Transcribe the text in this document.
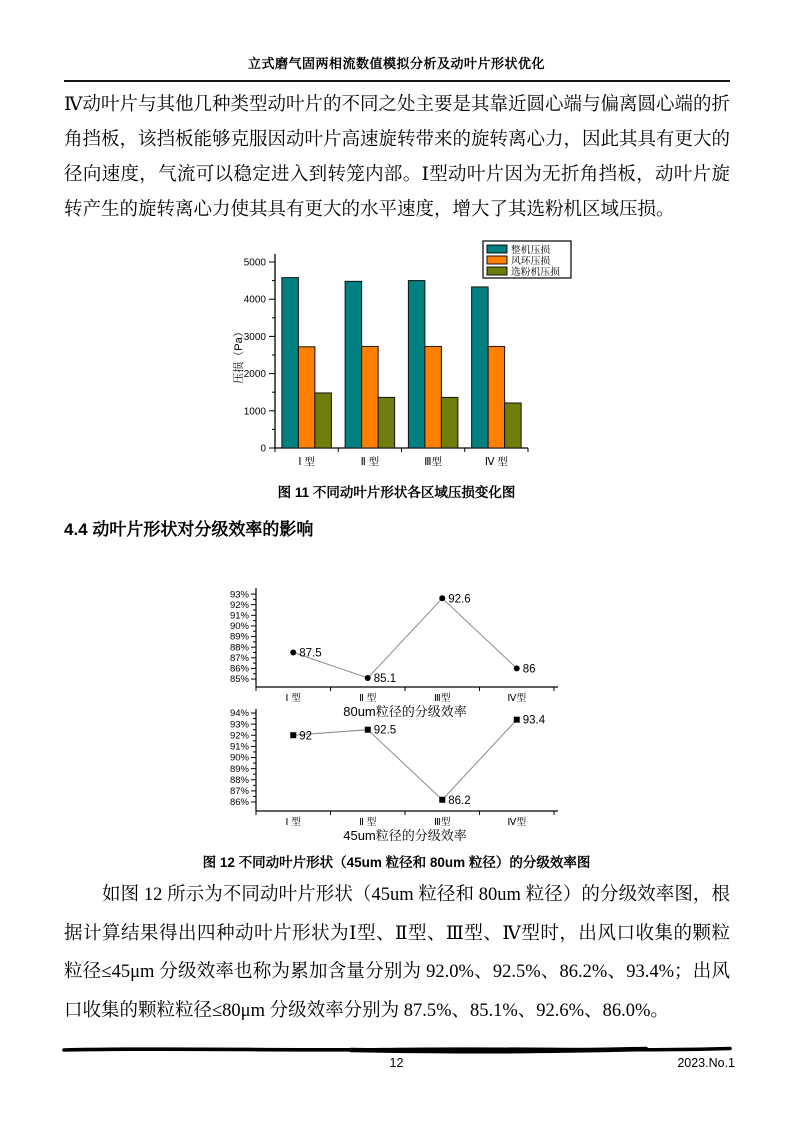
立式磨气固两相流数值模拟分析及动叶片形状优化

Ⅳ动叶片与其他几种类型动叶片的不同之处主要是其靠近圆心端与偏离圆心端的折角挡板，该挡板能够克服因动叶片高速旋转带来的旋转离心力，因此其具有更大的径向速度，气流可以稳定进入到转笼内部。Ⅰ型动叶片因为无折角挡板，动叶片旋转产生的旋转离心力使其具有更大的水平速度，增大了其选粉机区域压损。

0
1000
2000
3000
4000
5000
Ⅰ 型	Ⅱ 型	Ⅲ型	Ⅳ 型
压损（Pa）
整机压损
风环压损
选粉机压损
图 11 不同动叶片形状各区域压损变化图
4.4 动叶片形状对分级效率的影响
85%
86%
87%
88%
89%
90%
91%
92%
93%
Ⅰ 型	Ⅱ 型	Ⅲ型	Ⅳ型
87.5
85.1
92.6
86
80um粒径的分级效率
86%
87%
88%
89%
90%
91%
92%
93%
94%
Ⅰ 型	Ⅱ 型	Ⅲ型	Ⅳ型
92	92.5
86.2
93.4
45um粒径的分级效率
图 12 不同动叶片形状（45um 粒径和 80um 粒径）的分级效率图

如图 12 所示为不同动叶片形状（45um 粒径和 80um 粒径）的分级效率图，根据计算结果得出四种动叶片形状为Ⅰ型、Ⅱ型、Ⅲ型、Ⅳ型时，出风口收集的颗粒粒径≤45μm 分级效率也称为累加含量分别为 92.0%、92.5%、86.2%、93.4%；出风口收集的颗粒粒径≤80μm 分级效率分别为 87.5%、85.1%、92.6%、86.0%。

12	2023.No.1
